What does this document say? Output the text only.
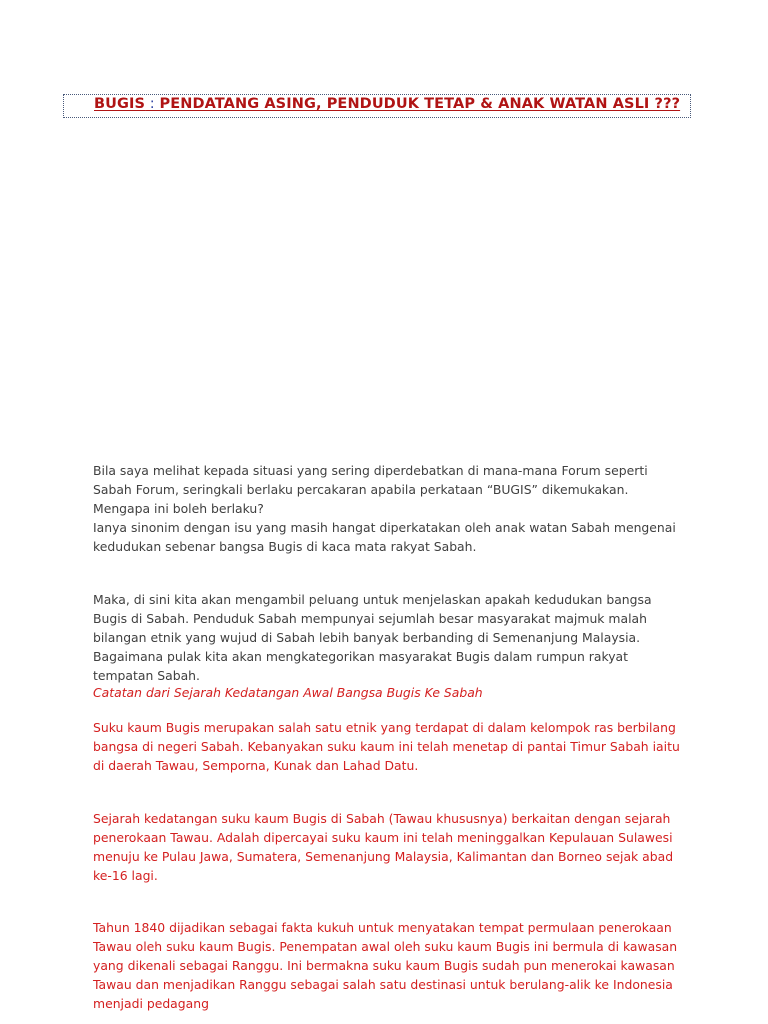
BUGIS : PENDATANG ASING, PENDUDUK TETAP & ANAK WATAN ASLI ???

Bila saya melihat kepada situasi yang sering diperdebatkan di mana-mana Forum seperti Sabah Forum, seringkali berlaku percakaran apabila perkataan “BUGIS” dikemukakan. Mengapa ini boleh berlaku?

Ianya sinonim dengan isu yang masih hangat diperkatakan oleh anak watan Sabah mengenai kedudukan sebenar bangsa Bugis di kaca mata rakyat Sabah.

Maka, di sini kita akan mengambil peluang untuk menjelaskan apakah kedudukan bangsa Bugis di Sabah. Penduduk Sabah mempunyai sejumlah besar masyarakat majmuk malah bilangan etnik yang wujud di Sabah lebih banyak berbanding di Semenanjung Malaysia. Bagaimana pulak kita akan mengkategorikan masyarakat Bugis dalam rumpun rakyat tempatan Sabah.

Catatan dari Sejarah Kedatangan Awal Bangsa Bugis Ke Sabah

Suku kaum Bugis merupakan salah satu etnik yang terdapat di dalam kelompok ras berbilang bangsa di negeri Sabah. Kebanyakan suku kaum ini telah menetap di pantai Timur Sabah iaitu di daerah Tawau, Semporna, Kunak dan Lahad Datu.

Sejarah kedatangan suku kaum Bugis di Sabah (Tawau khususnya) berkaitan dengan sejarah penerokaan Tawau. Adalah dipercayai suku kaum ini telah meninggalkan Kepulauan Sulawesi menuju ke Pulau Jawa, Sumatera, Semenanjung Malaysia, Kalimantan dan Borneo sejak abad ke-16 lagi.

Tahun 1840 dijadikan sebagai fakta kukuh untuk menyatakan tempat permulaan penerokaan Tawau oleh suku kaum Bugis. Penempatan awal oleh suku kaum Bugis ini bermula di kawasan yang dikenali sebagai Ranggu. Ini bermakna suku kaum Bugis sudah pun menerokai kawasan Tawau dan menjadikan Ranggu sebagai salah satu destinasi untuk berulang-alik ke Indonesia menjadi pedagang
